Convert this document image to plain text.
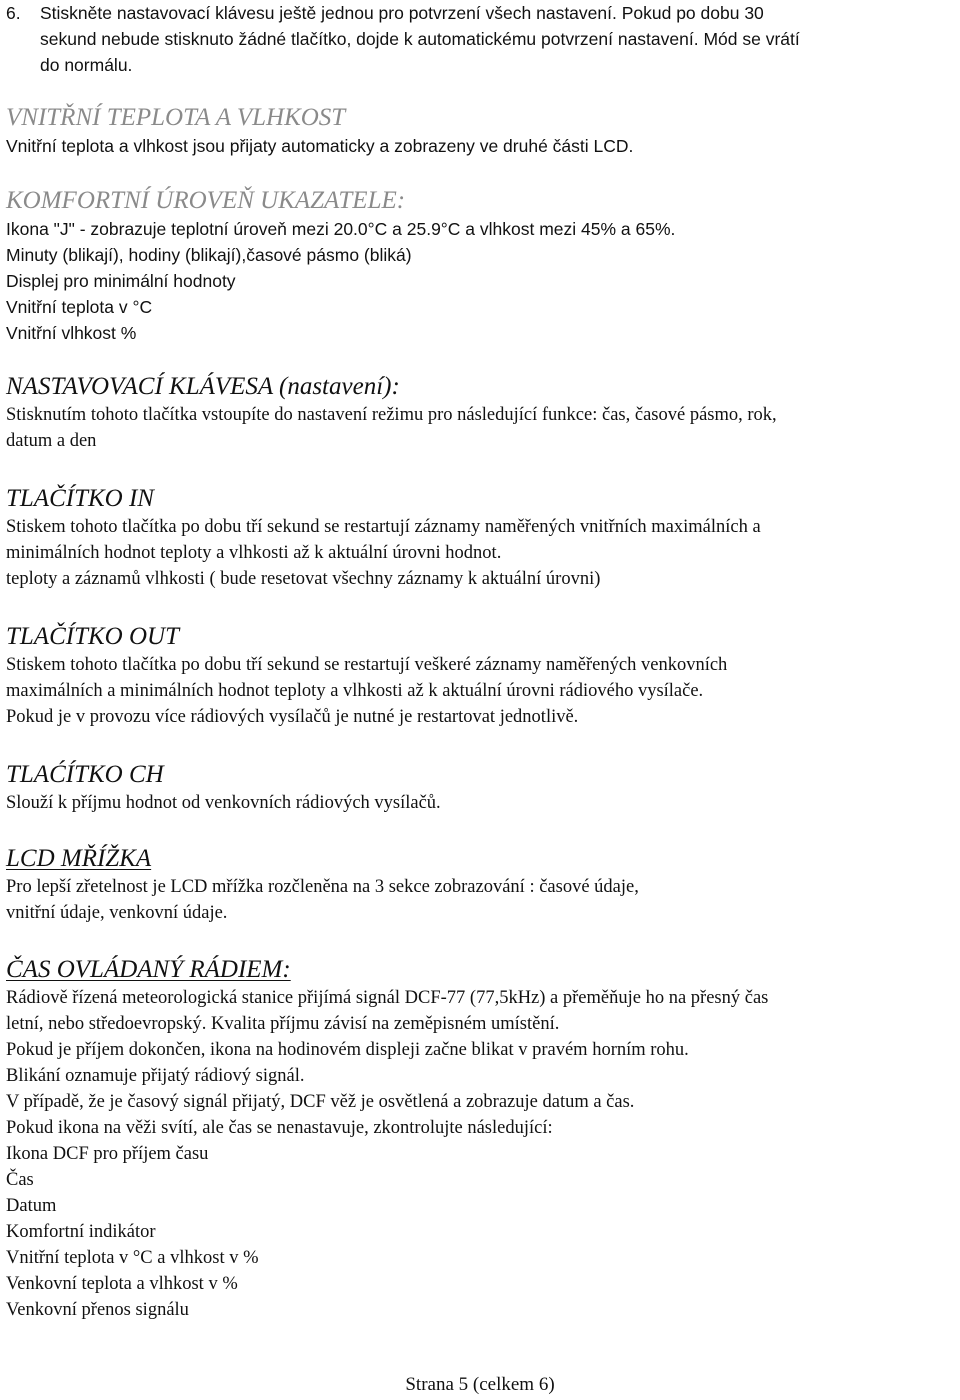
6. Stiskněte nastavovací klávesu ještě jednou pro potvrzení všech nastavení. Pokud po dobu 30
sekund nebude stisknuto žádné tlačítko, dojde k automatickému potvrzení nastavení. Mód se vrátí
do normálu.
VNITŘNÍ TEPLOTA A VLHKOST
Vnitřní teplota a vlhkost jsou přijaty automaticky a zobrazeny ve druhé části LCD.
KOMFORTNÍ ÚROVEŇ UKAZATELE:
Ikona "J" - zobrazuje teplotní úroveň mezi 20.0°C a 25.9°C a vlhkost mezi 45% a 65%.
Minuty (blikají), hodiny (blikají),časové pásmo (bliká)
Displej pro minimální hodnoty
Vnitřní teplota v °C
Vnitřní vlhkost %
NASTAVOVACÍ KLÁVESA (nastavení):
Stisknutím tohoto tlačítka vstoupíte do nastavení režimu pro následující funkce: čas, časové pásmo, rok,
datum a den
TLAČÍTKO IN
Stiskem tohoto tlačítka po dobu tří sekund se restartují záznamy naměřených vnitřních maximálních a
minimálních hodnot teploty a vlhkosti až k aktuální úrovni hodnot.
teploty a záznamů vlhkosti ( bude resetovat všechny záznamy k aktuální úrovni)
TLAČÍTKO OUT
Stiskem tohoto tlačítka po dobu tří sekund se restartují veškeré záznamy naměřených venkovních
maximálních a minimálních hodnot teploty a vlhkosti až k aktuální úrovni rádiového vysílače.
Pokud je v provozu více rádiových vysílačů je nutné je restartovat jednotlivě.
TLAĆÍTKO CH
Slouží k příjmu hodnot od venkovních rádiových vysílačů.
LCD MŘÍŽKA
Pro lepší zřetelnost je LCD mřížka rozčleněna na 3 sekce zobrazování : časové údaje,
vnitřní údaje, venkovní údaje.
ČAS OVLÁDANÝ RÁDIEM:
Rádiově řízená meteorologická stanice přijímá signál DCF-77 (77,5kHz) a přeměňuje ho na přesný čas
letní, nebo středoevropský. Kvalita příjmu závisí na zeměpisném umístění.
Pokud je příjem dokončen, ikona na hodinovém displeji začne blikat v pravém horním rohu.
Blikání oznamuje přijatý rádiový signál.
V případě, že je časový signál přijatý, DCF věž je osvětlená a zobrazuje datum a čas.
Pokud ikona na věži svítí, ale čas se nenastavuje, zkontrolujte následující:
Ikona DCF pro příjem času
Čas
Datum
Komfortní indikátor
Vnitřní teplota v °C a vlhkost v %
Venkovní teplota a vlhkost v %
Venkovní přenos signálu
Strana 5 (celkem 6)
